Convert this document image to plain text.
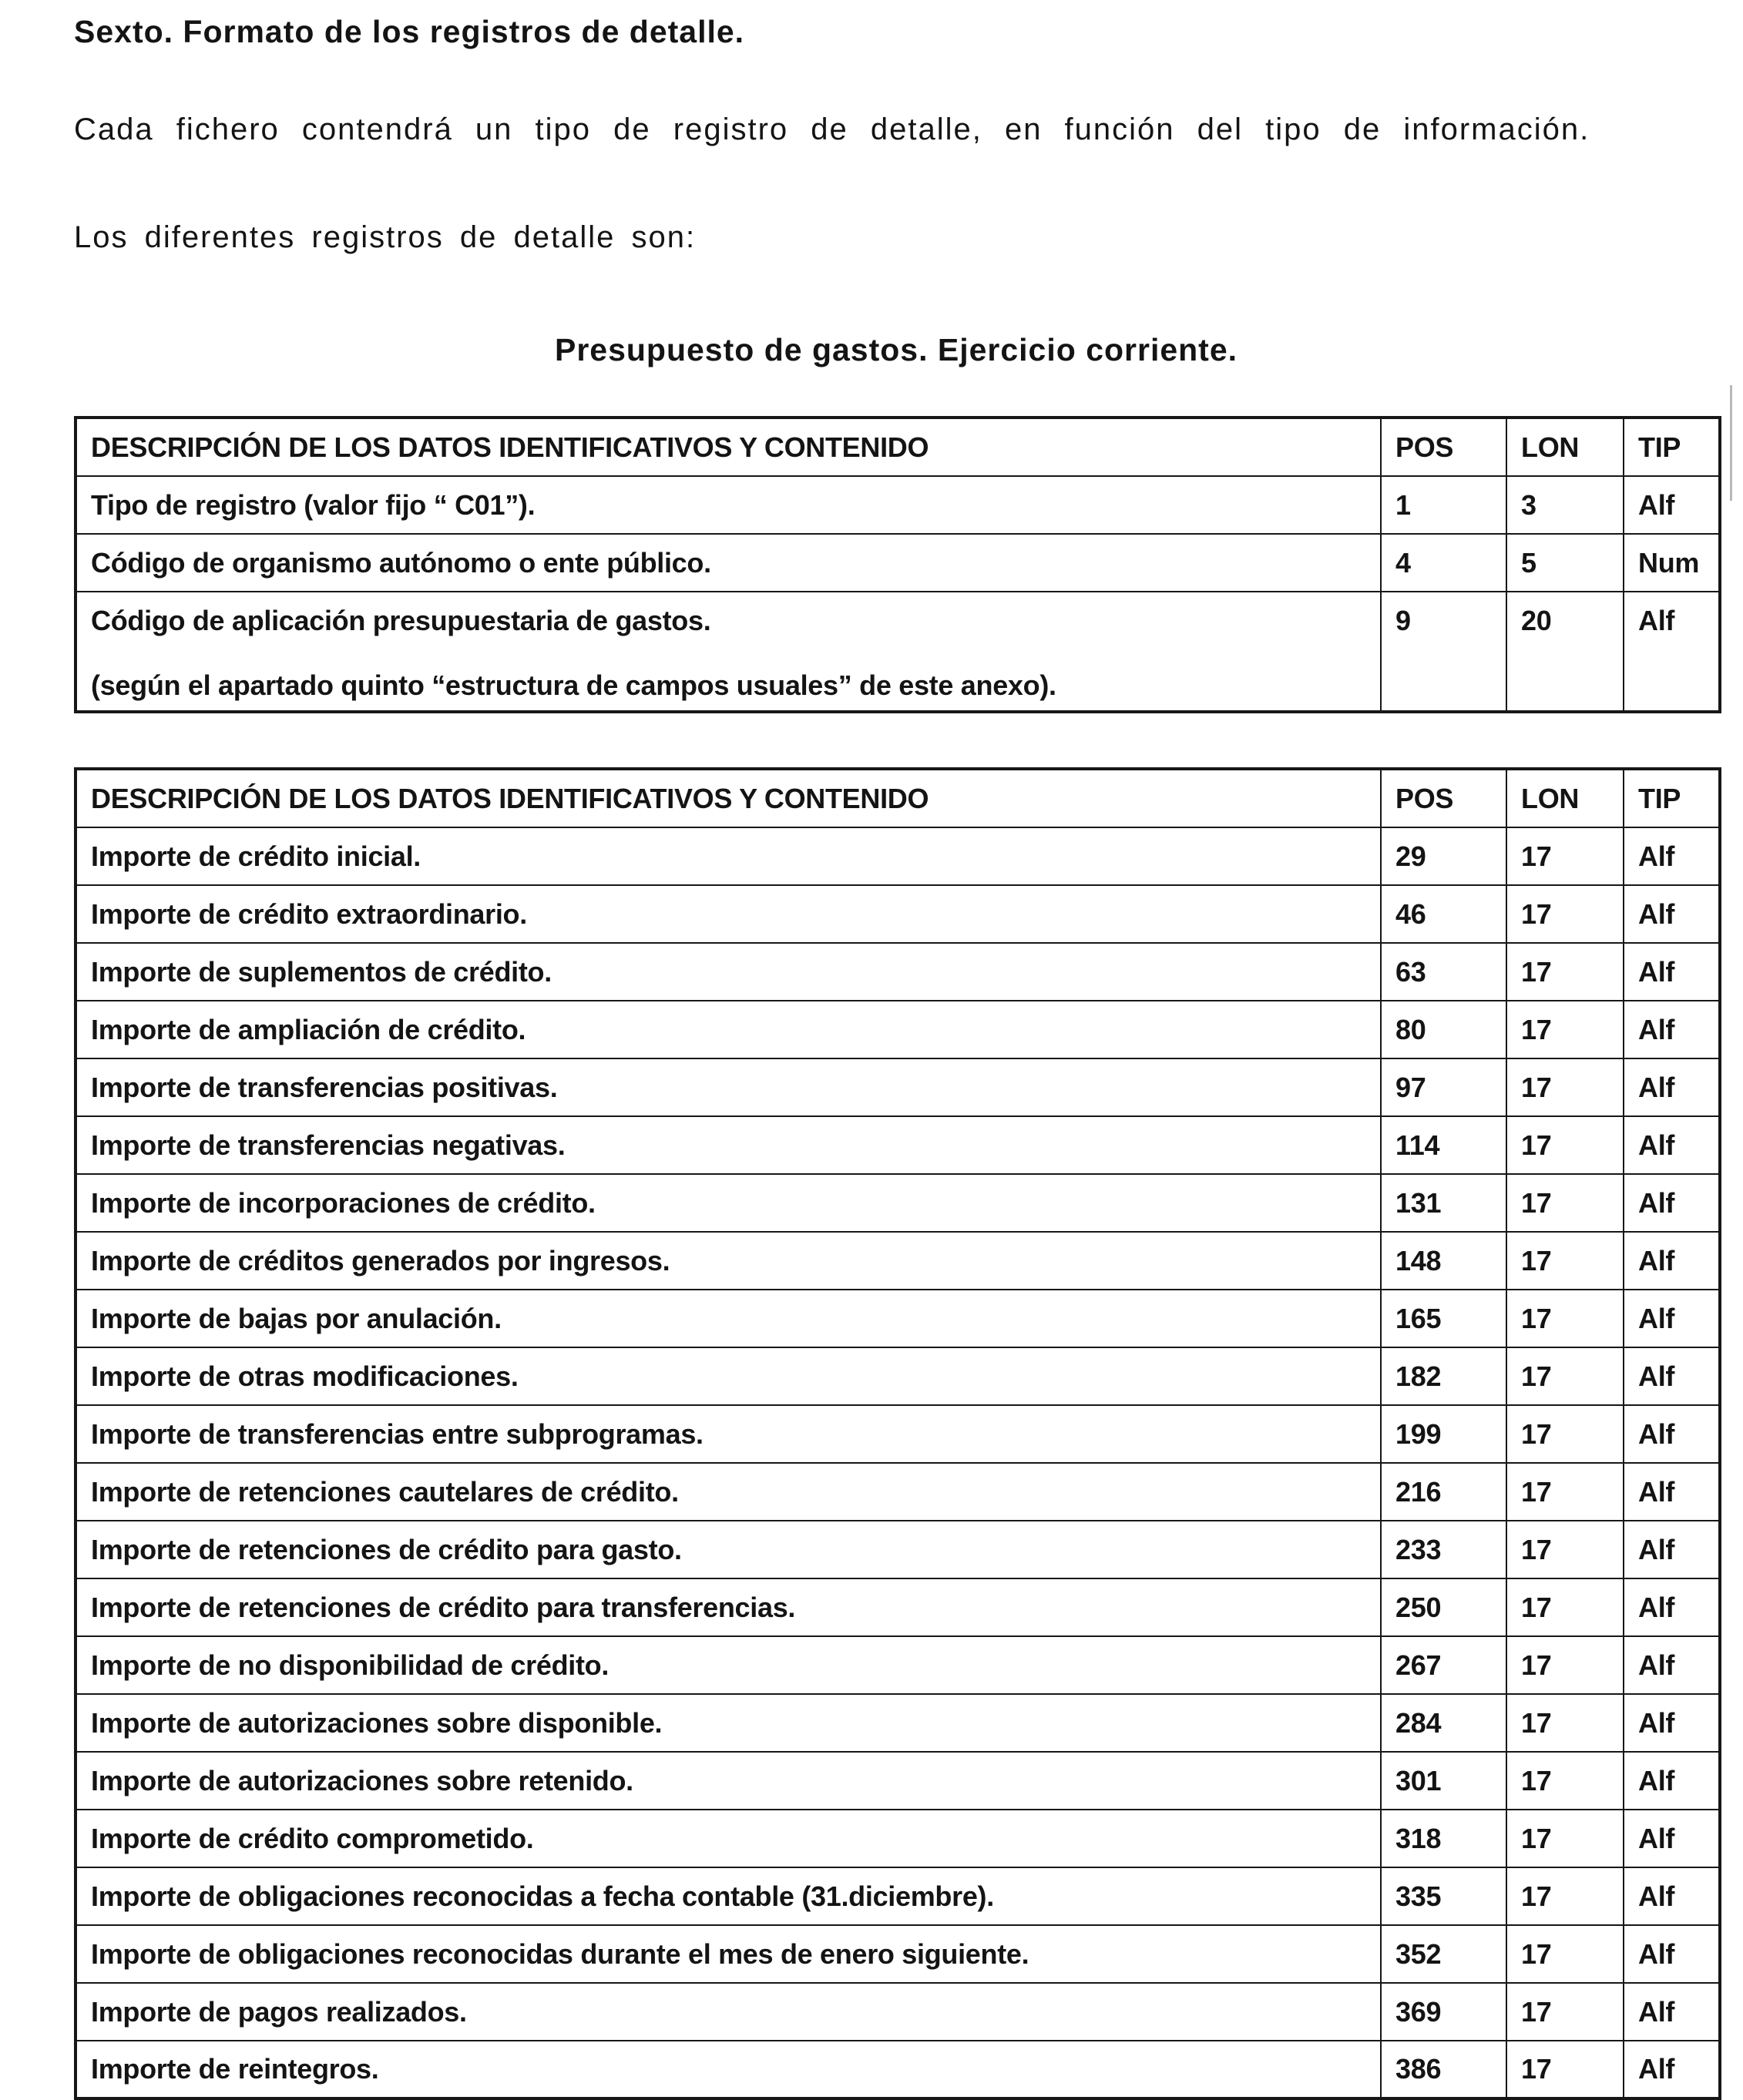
Sexto. Formato de los registros de detalle.

Cada fichero contendrá un tipo de registro de detalle, en función del tipo de información.

Los diferentes registros de detalle son:

Presupuesto de gastos. Ejercicio corriente.
DESCRIPCIÓN DE LOS DATOS IDENTIFICATIVOS Y CONTENIDO	POS	LON	TIP

Tipo de registro (valor fijo “ C01”).	1	3	Alf

Código de organismo autónomo o ente público.	4	5	Num

Código de aplicación presupuestaria de gastos.
(según el apartado quinto “estructura de campos usuales” de este anexo).	9	20	Alf
DESCRIPCIÓN DE LOS DATOS IDENTIFICATIVOS Y CONTENIDO	POS	LON	TIP

Importe de crédito inicial.	29	17	Alf

Importe de crédito extraordinario.	46	17	Alf

Importe de suplementos de crédito.	63	17	Alf

Importe de ampliación de crédito.	80	17	Alf

Importe de transferencias positivas.	97	17	Alf

Importe de transferencias negativas.	114	17	Alf

Importe de incorporaciones de crédito.	131	17	Alf

Importe de créditos generados por ingresos.	148	17	Alf

Importe de bajas por anulación.	165	17	Alf

Importe de otras modificaciones.	182	17	Alf

Importe de transferencias entre subprogramas.	199	17	Alf

Importe de retenciones cautelares de crédito.	216	17	Alf

Importe de retenciones de crédito para gasto.	233	17	Alf

Importe de retenciones de crédito para transferencias.	250	17	Alf

Importe de no disponibilidad de crédito.	267	17	Alf

Importe de autorizaciones sobre disponible.	284	17	Alf

Importe de autorizaciones sobre retenido.	301	17	Alf

Importe de crédito comprometido.	318	17	Alf

Importe de obligaciones reconocidas a fecha contable (31.diciembre).	335	17	Alf

Importe de obligaciones reconocidas durante el mes de enero siguiente.	352	17	Alf

Importe de pagos realizados.	369	17	Alf

Importe de reintegros.	386	17	Alf
